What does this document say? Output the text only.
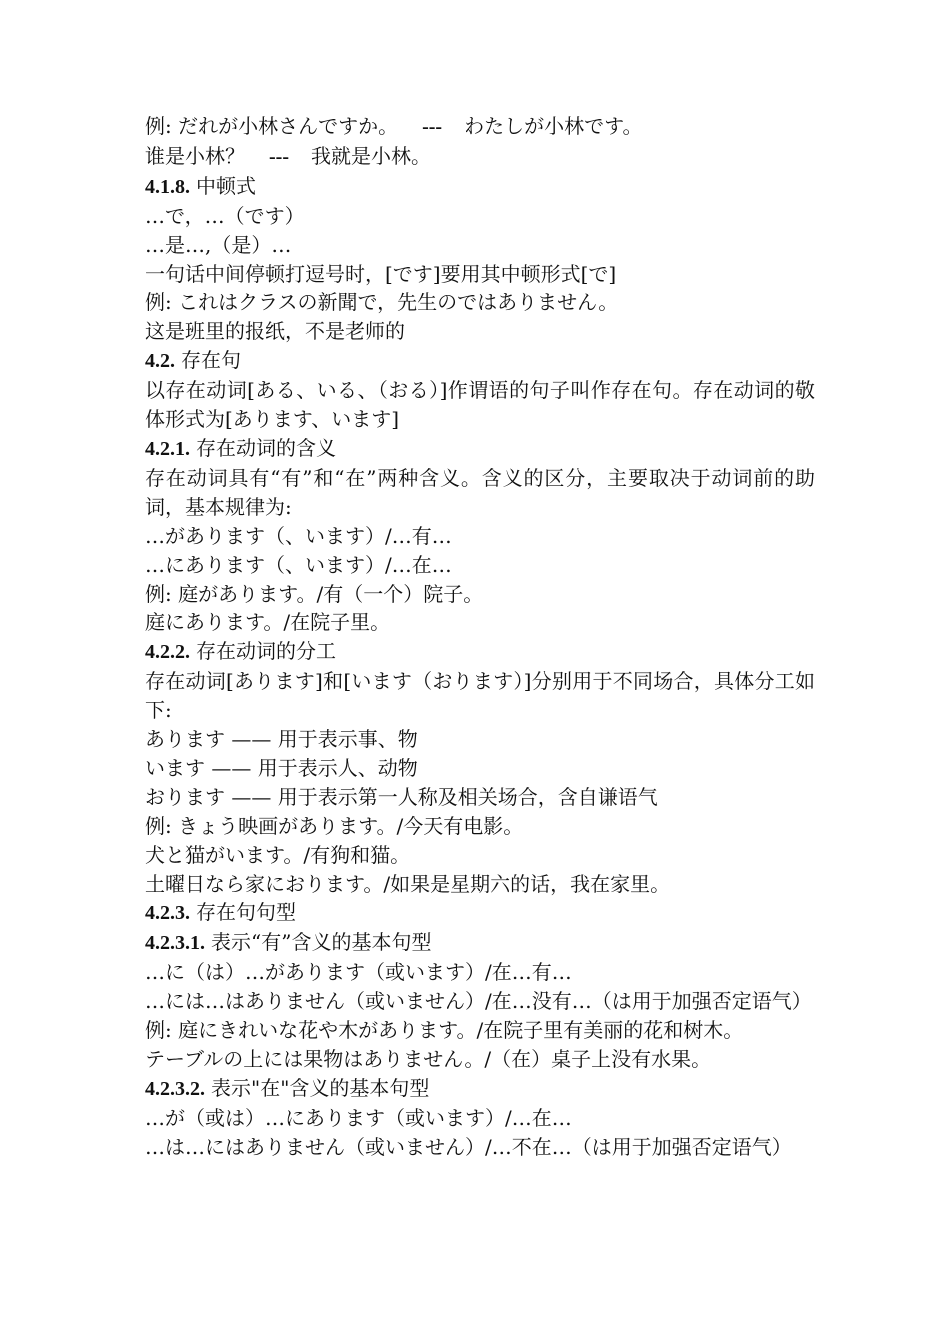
例: だれが小林さんですか。 --- わたしが小林です。
谁是小林？ --- 我就是小林。
4.1.8. 中顿式
…で，…（です）
…是…,（是）…
一句话中间停顿打逗号时，[です]要用其中顿形式[で]
例: これはクラスの新聞で，先生のではありません。
这是班里的报纸，不是老师的
4.2. 存在句
以存在动词[ある、いる、（おる）]作谓语的句子叫作存在句。存在动词的敬体形式为[あります、います]
4.2.1. 存在动词的含义
存在动词具有“有”和“在”两种含义。含义的区分，主要取决于动词前的助词，基本规律为:
…があります（、います）/…有…
…にあります（、います）/…在…
例: 庭があります。/有（一个）院子。
庭にあります。/在院子里。
4.2.2. 存在动词的分工
存在动词[あります]和[います（おります）]分别用于不同场合，具体分工如下:
あります —— 用于表示事、物
います —— 用于表示人、动物
おります —— 用于表示第一人称及相关场合，含自谦语气
例: きょう映画があります。/今天有电影。
犬と猫がいます。/有狗和猫。
土曜日なら家におります。/如果是星期六的话，我在家里。
4.2.3. 存在句句型
4.2.3.1. 表示“有”含义的基本句型
…に（は）…があります（或います）/在…有…
…には…はありません（或いません）/在…没有…（は用于加强否定语气）
例: 庭にきれいな花や木があります。/在院子里有美丽的花和树木。
テーブルの上には果物はありません。/（在）桌子上没有水果。
4.2.3.2. 表示"在"含义的基本句型
…が（或は）…にあります（或います）/…在…
…は…にはありません（或いません）/…不在…（は用于加强否定语气）
